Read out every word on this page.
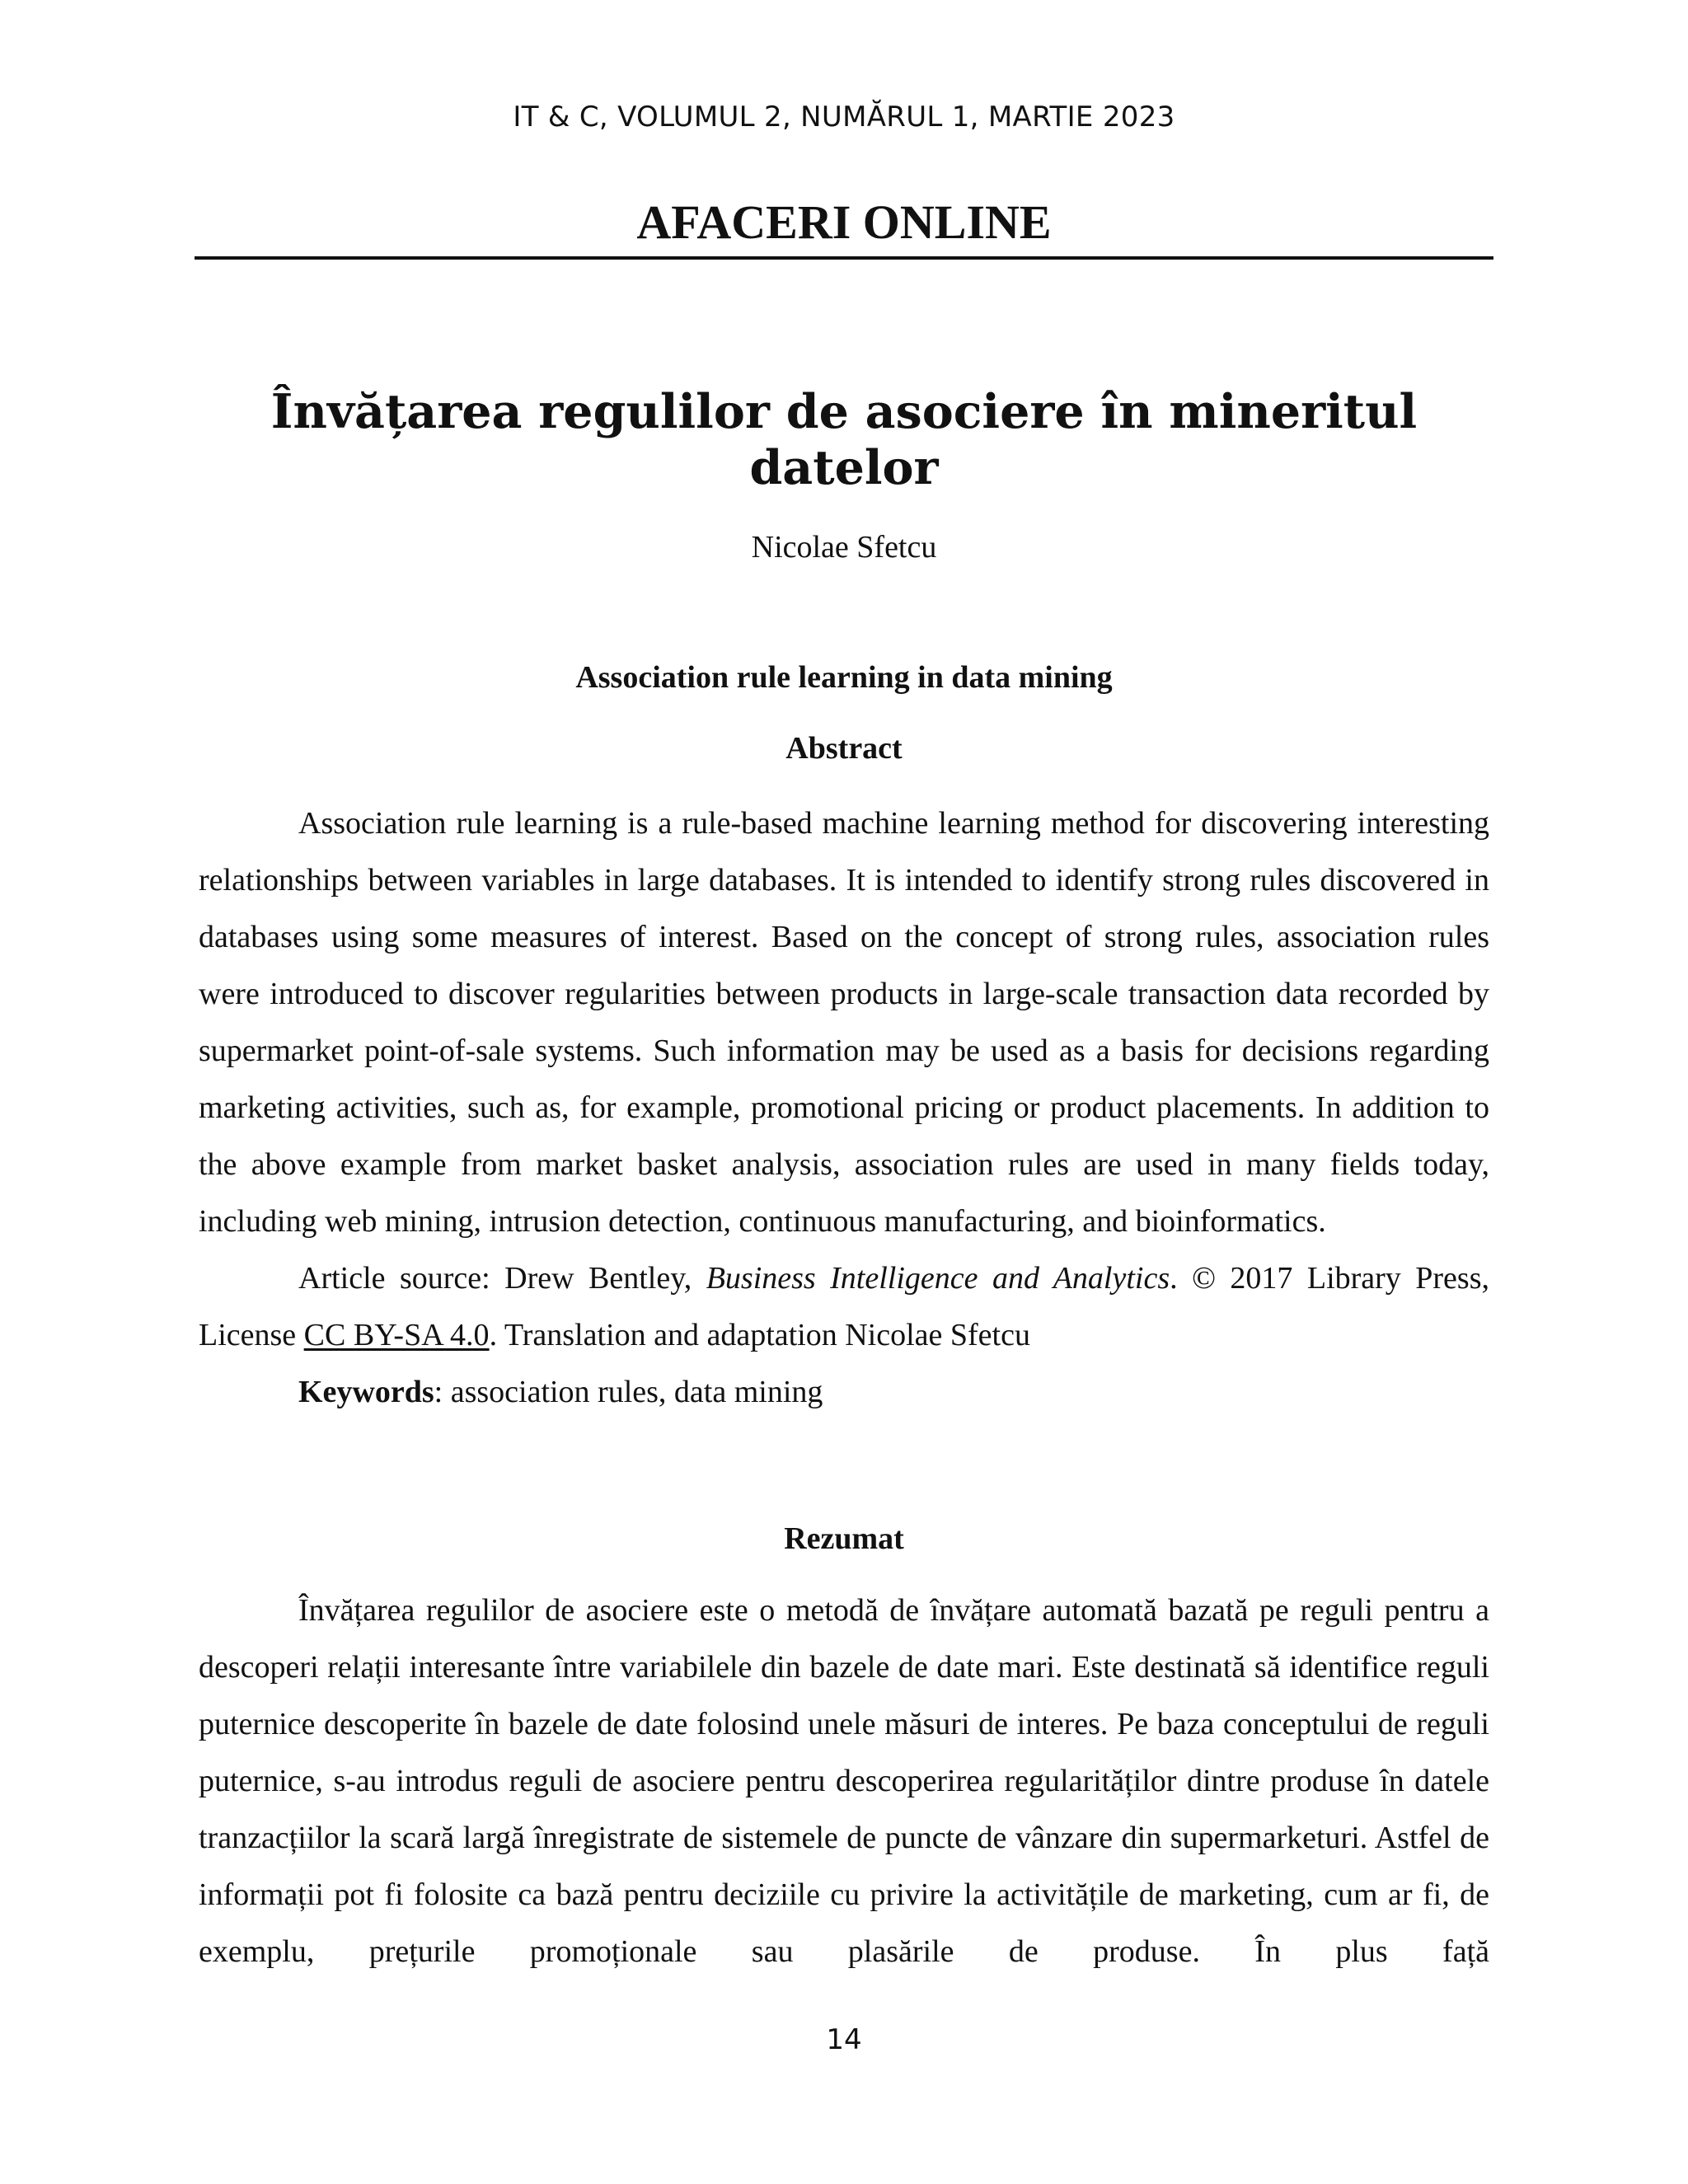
IT & C, VOLUMUL 2, NUMĂRUL 1, MARTIE 2023
AFACERI ONLINE
Învățarea regulilor de asociere în mineritul datelor
Nicolae Sfetcu
Association rule learning in data mining
Abstract

Association rule learning is a rule-based machine learning method for discovering interesting relationships between variables in large databases. It is intended to identify strong rules discovered in databases using some measures of interest. Based on the concept of strong rules, association rules were introduced to discover regularities between products in large-scale transaction data recorded by supermarket point-of-sale systems. Such information may be used as a basis for decisions regarding marketing activities, such as, for example, promotional pricing or product placements. In addition to the above example from market basket analysis, association rules are used in many fields today, including web mining, intrusion detection, continuous manufacturing, and bioinformatics.

Article source: Drew Bentley, Business Intelligence and Analytics. © 2017 Library Press, License CC BY-SA 4.0. Translation and adaptation Nicolae Sfetcu

Keywords: association rules, data mining

Rezumat

Învățarea regulilor de asociere este o metodă de învățare automată bazată pe reguli pentru a descoperi relații interesante între variabilele din bazele de date mari. Este destinată să identifice reguli puternice descoperite în bazele de date folosind unele măsuri de interes. Pe baza conceptului de reguli puternice, s-au introdus reguli de asociere pentru descoperirea regularităților dintre produse în datele tranzacțiilor la scară largă înregistrate de sistemele de puncte de vânzare din supermarketuri. Astfel de informații pot fi folosite ca bază pentru deciziile cu privire la activitățile de marketing, cum ar fi, de exemplu, prețurile promoționale sau plasările de produse. În plus față

14
